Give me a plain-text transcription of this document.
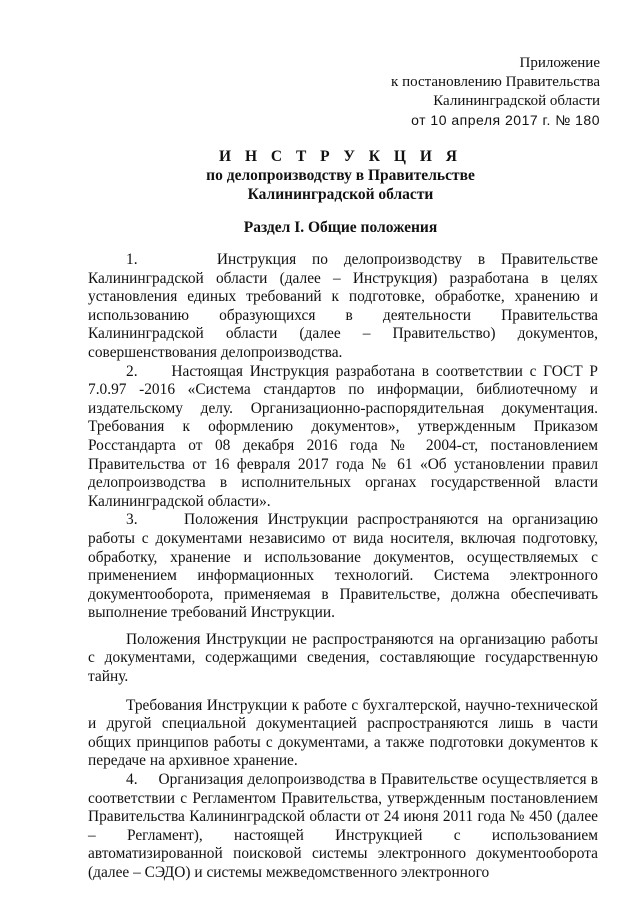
Приложение
к постановлению Правительства
Калининградской области
от 10 апреля 2017 г. № 180
И Н С Т Р У К Ц И Я
по делопроизводству в Правительстве
Калининградской области
Раздел I. Общие положения

1.     Инструкция по делопроизводству в Правительстве Калининградской области (далее – Инструкция) разработана в целях установления единых требований к подготовке, обработке, хранению и использованию образующихся в деятельности Правительства Калининградской области (далее – Правительство) документов, совершенствования делопроизводства.

2.     Настоящая Инструкция разработана в соответствии с ГОСТ Р 7.0.97 -2016 «Система стандартов по информации, библиотечному и издательскому делу. Организационно-распорядительная документация. Требования к оформлению документов», утвержденным Приказом Росстандарта от 08 декабря 2016 года № 2004-ст, постановлением Правительства от 16 февраля 2017 года № 61 «Об установлении правил делопроизводства в исполнительных органах государственной власти Калининградской области».

3.     Положения Инструкции распространяются на организацию работы с документами независимо от вида носителя, включая подготовку, обработку, хранение и использование документов, осуществляемых с применением информационных технологий. Система электронного документооборота, применяемая в Правительстве, должна обеспечивать выполнение требований Инструкции.

Положения Инструкции не распространяются на организацию работы с документами, содержащими сведения, составляющие государственную тайну.

Требования Инструкции к работе с бухгалтерской, научно-технической и другой специальной документацией распространяются лишь в части общих принципов работы с документами, а также подготовки документов к передаче на архивное хранение.

4.     Организация делопроизводства в Правительстве осуществляется в соответствии с Регламентом Правительства, утвержденным постановлением Правительства Калининградской области от 24 июня 2011 года № 450 (далее – Регламент), настоящей Инструкцией с использованием автоматизированной поисковой системы электронного документооборота (далее – СЭДО) и системы межведомственного электронного
